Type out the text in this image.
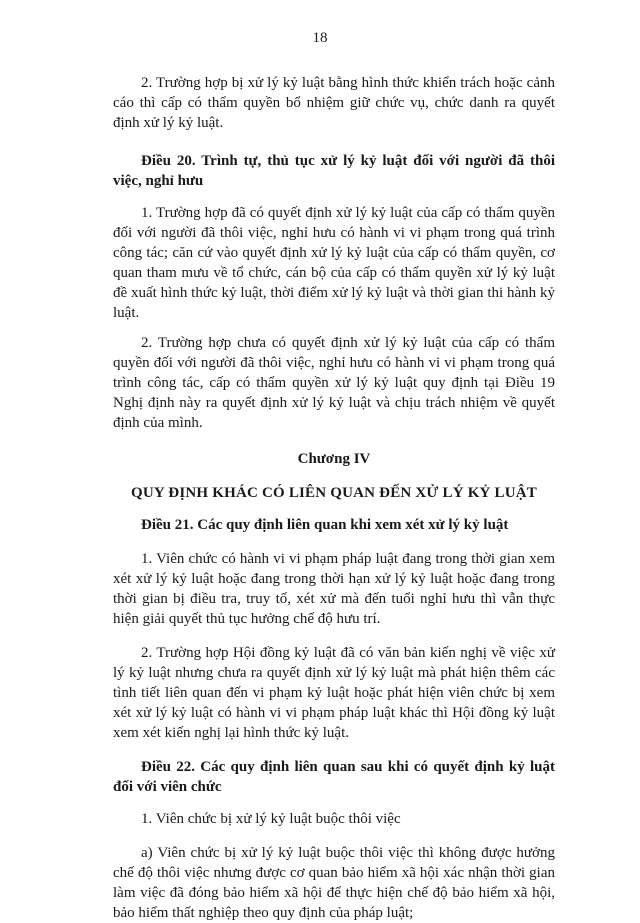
18

2. Trường hợp bị xử lý kỷ luật bằng hình thức khiển trách hoặc cảnh cáo thì cấp có thẩm quyền bổ nhiệm giữ chức vụ, chức danh ra quyết định xử lý kỷ luật.

Điều 20. Trình tự, thủ tục xử lý kỷ luật đối với người đã thôi việc, nghỉ hưu

1. Trường hợp đã có quyết định xử lý kỷ luật của cấp có thẩm quyền đối với người đã thôi việc, nghỉ hưu có hành vi vi phạm trong quá trình công tác; căn cứ vào quyết định xử lý kỷ luật của cấp có thẩm quyền, cơ quan tham mưu về tổ chức, cán bộ của cấp có thẩm quyền xử lý kỷ luật đề xuất hình thức kỷ luật, thời điểm xử lý kỷ luật và thời gian thi hành kỷ luật.

2. Trường hợp chưa có quyết định xử lý kỷ luật của cấp có thẩm quyền đối với người đã thôi việc, nghỉ hưu có hành vi vi phạm trong quá trình công tác, cấp có thẩm quyền xử lý kỷ luật quy định tại Điều 19 Nghị định này ra quyết định xử lý kỷ luật và chịu trách nhiệm về quyết định của mình.

Chương IV

QUY ĐỊNH KHÁC CÓ LIÊN QUAN ĐẾN XỬ LÝ KỶ LUẬT

Điều 21. Các quy định liên quan khi xem xét xử lý kỷ luật

1. Viên chức có hành vi vi phạm pháp luật đang trong thời gian xem xét xử lý kỷ luật hoặc đang trong thời hạn xử lý kỷ luật hoặc đang trong thời gian bị điều tra, truy tố, xét xử mà đến tuổi nghỉ hưu thì vẫn thực hiện giải quyết thủ tục hưởng chế độ hưu trí.

2. Trường hợp Hội đồng kỷ luật đã có văn bản kiến nghị về việc xử lý kỷ luật nhưng chưa ra quyết định xử lý kỷ luật mà phát hiện thêm các tình tiết liên quan đến vi phạm kỷ luật hoặc phát hiện viên chức bị xem xét xử lý kỷ luật có hành vi vi phạm pháp luật khác thì Hội đồng kỷ luật xem xét kiến nghị lại hình thức kỷ luật.

Điều 22. Các quy định liên quan sau khi có quyết định kỷ luật đối với viên chức

1. Viên chức bị xử lý kỷ luật buộc thôi việc

a) Viên chức bị xử lý kỷ luật buộc thôi việc thì không được hưởng chế độ thôi việc nhưng được cơ quan bảo hiểm xã hội xác nhận thời gian làm việc đã đóng bảo hiểm xã hội để thực hiện chế độ bảo hiểm xã hội, bảo hiểm thất nghiệp theo quy định của pháp luật;
